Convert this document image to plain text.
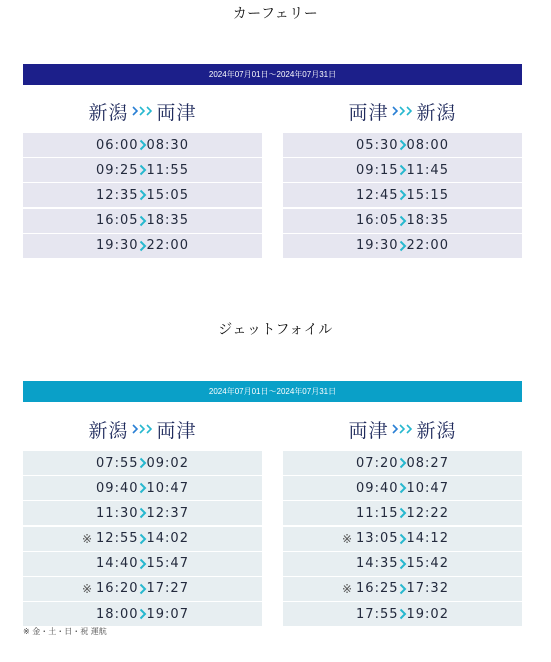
カーフェリー
2024年07月01日〜2024年07月31日
新潟 両津
06:00 08:30
09:25 11:55
12:35 15:05
16:05 18:35
19:30 22:00
両津 新潟
05:30 08:00
09:15 11:45
12:45 15:15
16:05 18:35
19:30 22:00
ジェットフォイル
2024年07月01日〜2024年07月31日
新潟 両津
07:55 09:02
09:40 10:47
11:30 12:37
※ 12:55 14:02
14:40 15:47
※ 16:20 17:27
18:00 19:07
両津 新潟
07:20 08:27
09:40 10:47
11:15 12:22
※ 13:05 14:12
14:35 15:42
※ 16:25 17:32
17:55 19:02
※ 金・土・日・祝 運航
